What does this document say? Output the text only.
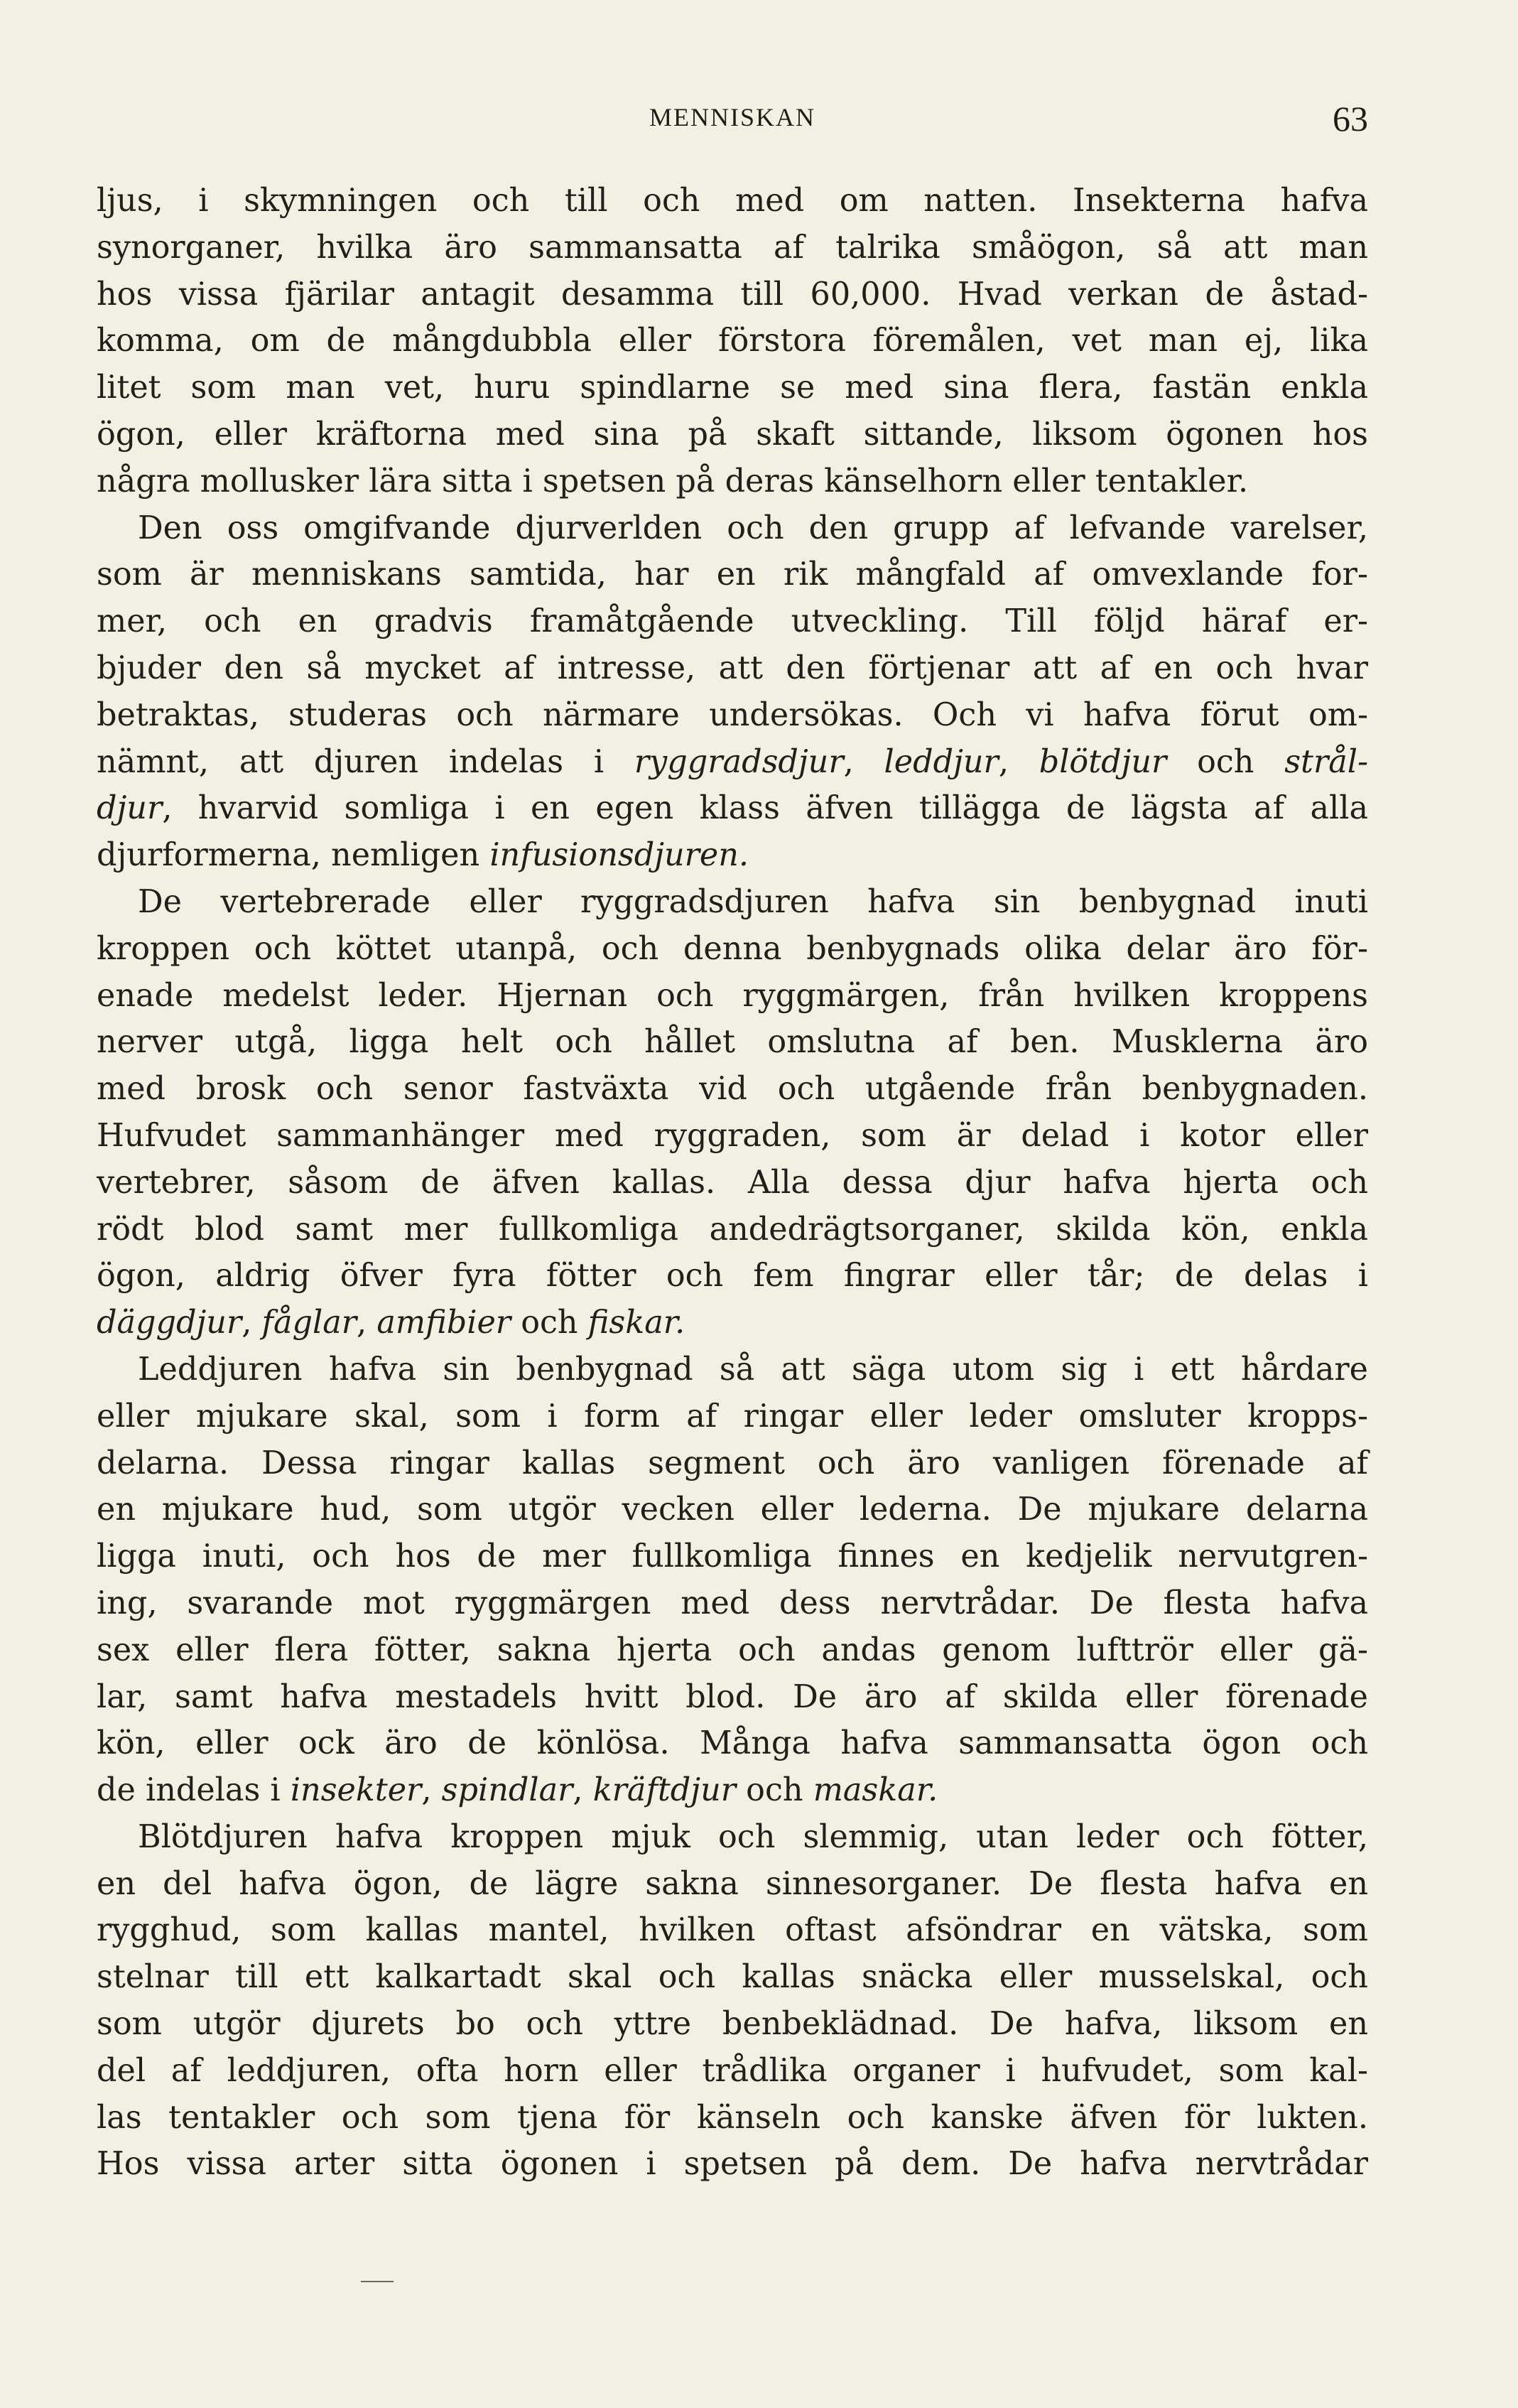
MENNISKAN	63
ljus, i skymningen och till och med om natten. Insekterna hafva
synorganer, hvilka äro sammansatta af talrika småögon, så att man
hos vissa fjärilar antagit desamma till 60,000. Hvad verkan de åstad-
komma, om de mångdubbla eller förstora föremålen, vet man ej, lika
litet som man vet, huru spindlarne se med sina flera, fastän enkla
ögon, eller kräftorna med sina på skaft sittande, liksom ögonen hos
några mollusker lära sitta i spetsen på deras känselhorn eller tentakler.
Den oss omgifvande djurverlden och den grupp af lefvande varelser,
som är menniskans samtida, har en rik mångfald af omvexlande for-
mer, och en gradvis framåtgående utveckling. Till följd häraf er-
bjuder den så mycket af intresse, att den förtjenar att af en och hvar
betraktas, studeras och närmare undersökas. Och vi hafva förut om-
nämnt, att djuren indelas i ryggradsdjur, leddjur, blötdjur och strål-
djur, hvarvid somliga i en egen klass äfven tillägga de lägsta af alla
djurformerna, nemligen infusionsdjuren.
De vertebrerade eller ryggradsdjuren hafva sin benbygnad inuti
kroppen och köttet utanpå, och denna benbygnads olika delar äro för-
enade medelst leder. Hjernan och ryggmärgen, från hvilken kroppens
nerver utgå, ligga helt och hållet omslutna af ben. Musklerna äro
med brosk och senor fastväxta vid och utgående från benbygnaden.
Hufvudet sammanhänger med ryggraden, som är delad i kotor eller
vertebrer, såsom de äfven kallas. Alla dessa djur hafva hjerta och
rödt blod samt mer fullkomliga andedrägtsorganer, skilda kön, enkla
ögon, aldrig öfver fyra fötter och fem fingrar eller tår; de delas i
däggdjur, fåglar, amfibier och fiskar.
Leddjuren hafva sin benbygnad så att säga utom sig i ett hårdare
eller mjukare skal, som i form af ringar eller leder omsluter kropps-
delarna. Dessa ringar kallas segment och äro vanligen förenade af
en mjukare hud, som utgör vecken eller lederna. De mjukare delarna
ligga inuti, och hos de mer fullkomliga finnes en kedjelik nervutgren-
ing, svarande mot ryggmärgen med dess nervtrådar. De flesta hafva
sex eller flera fötter, sakna hjerta och andas genom lufttrör eller gä-
lar, samt hafva mestadels hvitt blod. De äro af skilda eller förenade
kön, eller ock äro de könlösa. Många hafva sammansatta ögon och
de indelas i insekter, spindlar, kräftdjur och maskar.
Blötdjuren hafva kroppen mjuk och slemmig, utan leder och fötter,
en del hafva ögon, de lägre sakna sinnesorganer. De flesta hafva en
rygghud, som kallas mantel, hvilken oftast afsöndrar en vätska, som
stelnar till ett kalkartadt skal och kallas snäcka eller musselskal, och
som utgör djurets bo och yttre benbeklädnad. De hafva, liksom en
del af leddjuren, ofta horn eller trådlika organer i hufvudet, som kal-
las tentakler och som tjena för känseln och kanske äfven för lukten.
Hos vissa arter sitta ögonen i spetsen på dem. De hafva nervtrådar
